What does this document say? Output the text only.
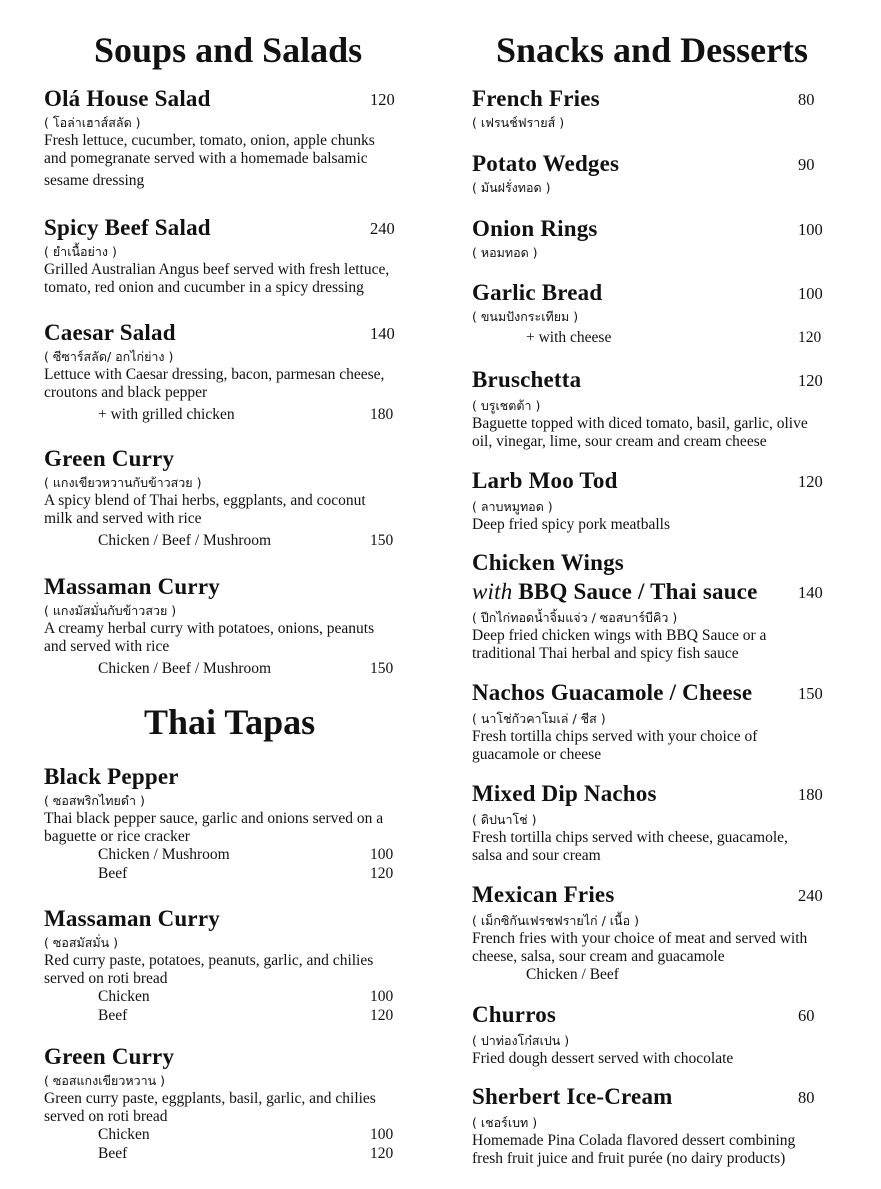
Soups and Salads
Thai Tapas
Olá House Salad	120
( โอล่าเฮาส์สลัด )
Fresh lettuce, cucumber, tomato, onion, apple chunks
and pomegranate served with a homemade balsamic
sesame dressing
Spicy Beef Salad	240
( ยำเนื้อย่าง )
Grilled Australian Angus beef served with fresh lettuce,
tomato, red onion and cucumber in a spicy dressing
Caesar Salad	140
( ซีซาร์สลัด/ อกไก่ย่าง )
Lettuce with Caesar dressing, bacon, parmesan cheese,
croutons and black pepper
+ with grilled chicken	180
Green Curry
( แกงเขียวหวานกับข้าวสวย )
A spicy blend of Thai herbs, eggplants, and coconut
milk and served with rice
Chicken / Beef / Mushroom	150
Massaman Curry
( แกงมัสมั่นกับข้าวสวย )
A creamy herbal curry with potatoes, onions, peanuts
and served with rice
Chicken / Beef / Mushroom	150
Black Pepper
( ซอสพริกไทยดำ )
Thai black pepper sauce, garlic and onions served on a
baguette or rice cracker
Chicken / Mushroom	100
Beef	120
Massaman Curry
( ซอสมัสมั่น )
Red curry paste, potatoes, peanuts, garlic, and chilies
served on roti bread
Chicken	100
Beef	120
Green Curry
( ซอสแกงเขียวหวาน )
Green curry paste, eggplants, basil, garlic, and chilies
served on roti bread
Chicken	100
Beef	120
Snacks and Desserts
French Fries	80
( เฟรนช์ฟรายส์ )
Potato Wedges	90
( มันฝรั่งทอด )
Onion Rings	100
( หอมทอด )
Garlic Bread	100
( ขนมปังกระเทียม )
+ with cheese	120
Bruschetta	120
( บรูเชตต้า )
Baguette topped with diced tomato, basil, garlic, olive
oil, vinegar, lime, sour cream and cream cheese
Larb Moo Tod	120
( ลาบหมูทอด )
Deep fried spicy pork meatballs
Chicken Wings
with BBQ Sauce / Thai sauce	140
( ปีกไก่ทอดน้ำจิ้มแจ่ว / ซอสบาร์บีคิว )
Deep fried chicken wings with BBQ Sauce or a
traditional Thai herbal and spicy fish sauce
Nachos Guacamole / Cheese	150
( นาโช่กัวคาโมเล่ / ชีส )
Fresh tortilla chips served with your choice of
guacamole or cheese
Mixed Dip Nachos	180
( ดิปนาโช่ )
Fresh tortilla chips served with cheese, guacamole,
salsa and sour cream
Mexican Fries	240
( เม็กซิกันเฟรชฟรายไก่ / เนื้อ )
French fries with your choice of meat and served with
cheese, salsa, sour cream and guacamole
Chicken / Beef
Churros	60
( ปาท่องโก๋สเปน )
Fried dough dessert served with chocolate
Sherbert Ice-Cream	80
( เชอร์เบท )
Homemade Pina Colada flavored dessert combining
fresh fruit juice and fruit purée (no dairy products)
